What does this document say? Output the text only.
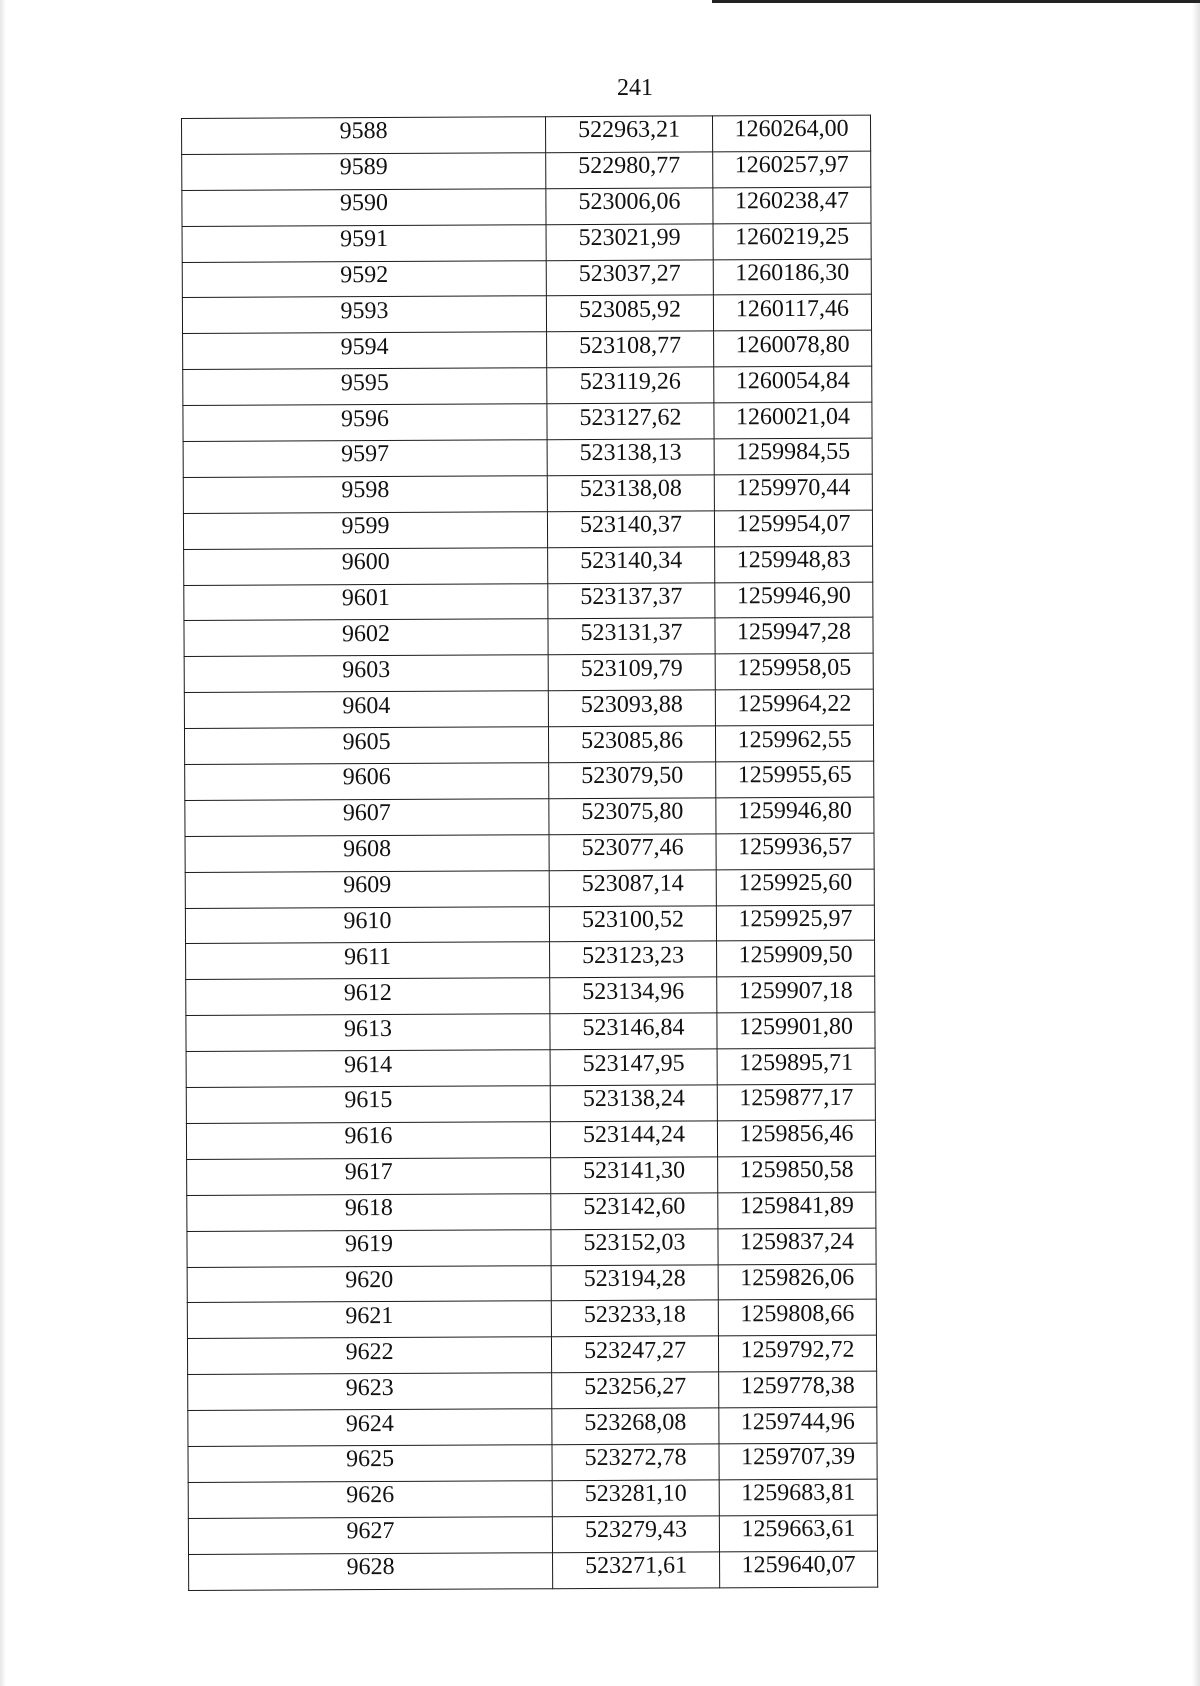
241
9588	522963,21	1260264,00
9589	522980,77	1260257,97
9590	523006,06	1260238,47
9591	523021,99	1260219,25
9592	523037,27	1260186,30
9593	523085,92	1260117,46
9594	523108,77	1260078,80
9595	523119,26	1260054,84
9596	523127,62	1260021,04
9597	523138,13	1259984,55
9598	523138,08	1259970,44
9599	523140,37	1259954,07
9600	523140,34	1259948,83
9601	523137,37	1259946,90
9602	523131,37	1259947,28
9603	523109,79	1259958,05
9604	523093,88	1259964,22
9605	523085,86	1259962,55
9606	523079,50	1259955,65
9607	523075,80	1259946,80
9608	523077,46	1259936,57
9609	523087,14	1259925,60
9610	523100,52	1259925,97
9611	523123,23	1259909,50
9612	523134,96	1259907,18
9613	523146,84	1259901,80
9614	523147,95	1259895,71
9615	523138,24	1259877,17
9616	523144,24	1259856,46
9617	523141,30	1259850,58
9618	523142,60	1259841,89
9619	523152,03	1259837,24
9620	523194,28	1259826,06
9621	523233,18	1259808,66
9622	523247,27	1259792,72
9623	523256,27	1259778,38
9624	523268,08	1259744,96
9625	523272,78	1259707,39
9626	523281,10	1259683,81
9627	523279,43	1259663,61
9628	523271,61	1259640,07
